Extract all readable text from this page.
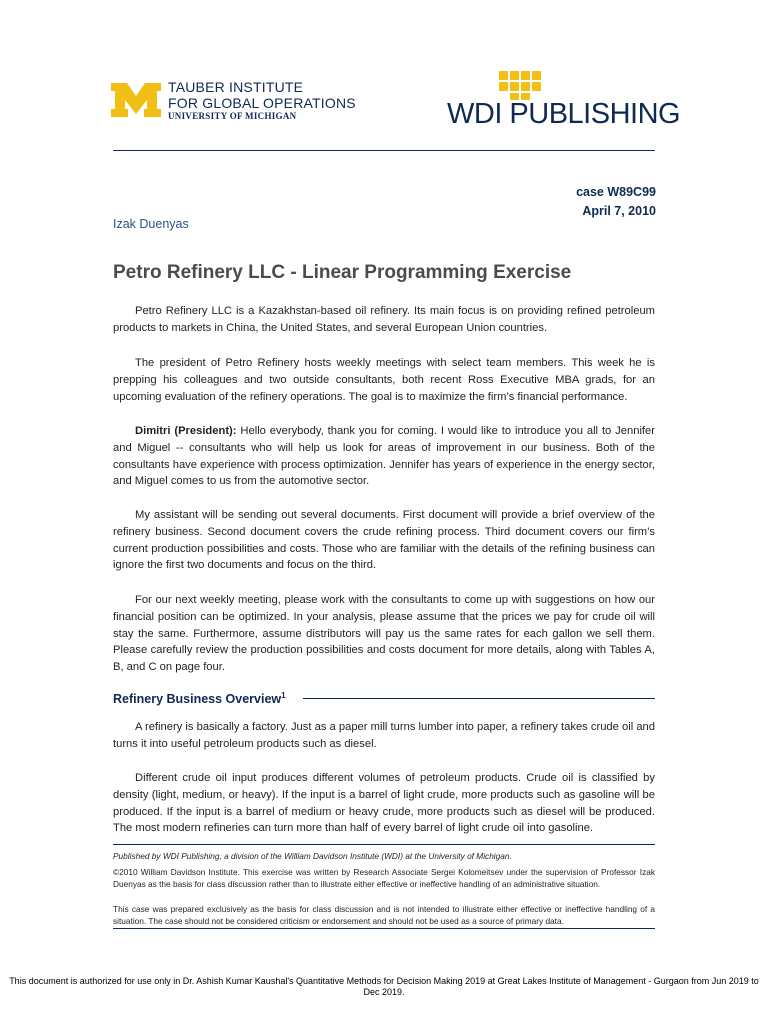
TAUBER INSTITUTE
FOR GLOBAL OPERATIONS
UNIVERSITY OF MICHIGAN	WDI PUBLISHING
case W89C99
April 7, 2010
Izak Duenyas
Petro Refinery LLC - Linear Programming Exercise

Petro Refinery LLC is a Kazakhstan-based oil refinery. Its main focus is on providing refined petroleum products to markets in China, the United States, and several European Union countries.

The president of Petro Refinery hosts weekly meetings with select team members. This week he is prepping his colleagues and two outside consultants, both recent Ross Executive MBA grads, for an upcoming evaluation of the refinery operations. The goal is to maximize the firm’s financial performance.

Dimitri (President): Hello everybody, thank you for coming. I would like to introduce you all to Jennifer and Miguel -- consultants who will help us look for areas of improvement in our business. Both of the consultants have experience with process optimization. Jennifer has years of experience in the energy sector, and Miguel comes to us from the automotive sector.

My assistant will be sending out several documents. First document will provide a brief overview of the refinery business. Second document covers the crude refining process. Third document covers our firm’s current production possibilities and costs. Those who are familiar with the details of the refining business can ignore the first two documents and focus on the third.

For our next weekly meeting, please work with the consultants to come up with suggestions on how our financial position can be optimized. In your analysis, please assume that the prices we pay for crude oil will stay the same. Furthermore, assume distributors will pay us the same rates for each gallon we sell them. Please carefully review the production possibilities and costs document for more details, along with Tables A, B, and C on page four.

Refinery Business Overview$^1$

A refinery is basically a factory. Just as a paper mill turns lumber into paper, a refinery takes crude oil and turns it into useful petroleum products such as diesel.

Different crude oil input produces different volumes of petroleum products. Crude oil is classified by density (light, medium, or heavy). If the input is a barrel of light crude, more products such as gasoline will be produced. If the input is a barrel of medium or heavy crude, more products such as diesel will be produced. The most modern refineries can turn more than half of every barrel of light crude oil into gasoline.

Published by WDI Publishing, a division of the William Davidson Institute (WDI) at the University of Michigan.

©2010 William Davidson Institute. This exercise was written by Research Associate Sergei Kolomeitsev under the supervision of Professor Izak Duenyas as the basis for class discussion rather than to illustrate either effective or ineffective handling of an administrative situation.

This case was prepared exclusively as the basis for class discussion and is not intended to illustrate either effective or ineffective handling of a situation. The case should not be considered criticism or endorsement and should not be used as a source of primary data.

This document is authorized for use only in Dr. Ashish Kumar Kaushal's Quantitative Methods for Decision Making 2019 at Great Lakes Institute of Management - Gurgaon from Jun 2019 to Dec 2019.
